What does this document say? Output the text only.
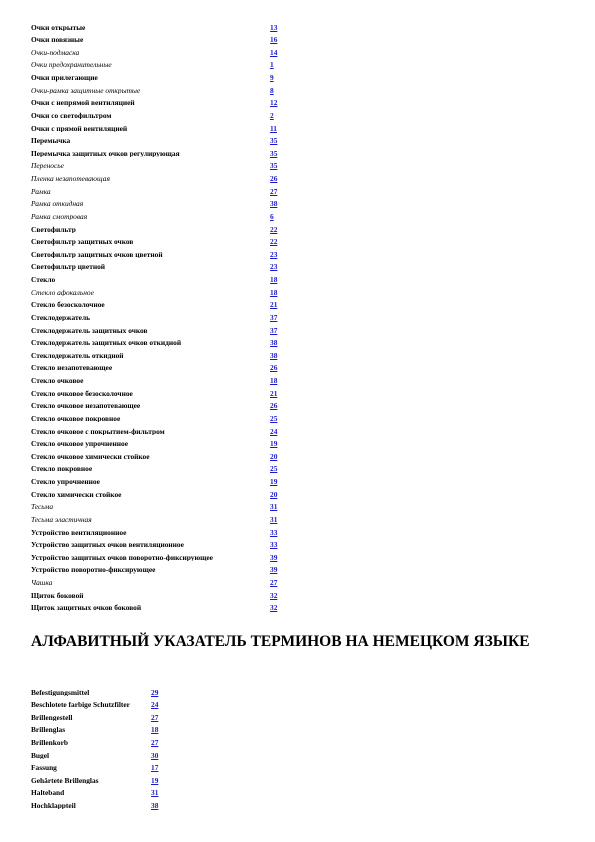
Очки открытые	13
Очки повязные	16
Очки-подмаска	14
Очки предохранительные	1
Очки прилегающие	9
Очки-рамка защитные открытые	8
Очки с непрямой вентиляцией	12
Очки со светофильтром	2
Очки с прямой вентиляцией	11
Перемычка	35
Перемычка защитных очков регулирующая	35
Переносье	35
Пленка незапотевающая	26
Рамка	27
Рамка откидная	38
Рамка смотровая	6
Светофильтр	22
Светофильтр защитных очков	22
Светофильтр защитных очков цветной	23
Светофильтр цветной	23
Стекло	18
Стекло афокальное	18
Стекло безосколочное	21
Стеклодержатель	37
Стеклодержатель защитных очков	37
Стеклодержатель защитных очков откидной	38
Стеклодержатель откидной	38
Стекло незапотевающее	26
Стекло очковое	18
Стекло очковое безосколочное	21
Стекло очковое незапотевающее	26
Стекло очковое покровное	25
Стекло очковое с покрытием-фильтром	24
Стекло очковое упрочненное	19
Стекло очковое химически стойкое	20
Стекло покровное	25
Стекло упрочненное	19
Стекло химически стойкое	20
Тесьма	31
Тесьма эластичная	31
Устройство вентиляционное	33
Устройство защитных очков вентиляционное	33
Устройство защитных очков поворотно-фиксирующее	39
Устройство поворотно-фиксирующее	39
Чашка	27
Щиток боковой	32
Щиток защитных очков боковой	32
АЛФАВИТНЫЙ УКАЗАТЕЛЬ ТЕРМИНОВ НА НЕМЕЦКОМ ЯЗЫКЕ
Befestigungsmittel	29
Beschlotete farbige Schutzfilter	24
Brillengestell	27
Brillenglas	18
Brillenkorb	27
Bugel	30
Fassung	17
Gehärtete Brillenglas	19
Halteband	31
Hochklappteil	38
